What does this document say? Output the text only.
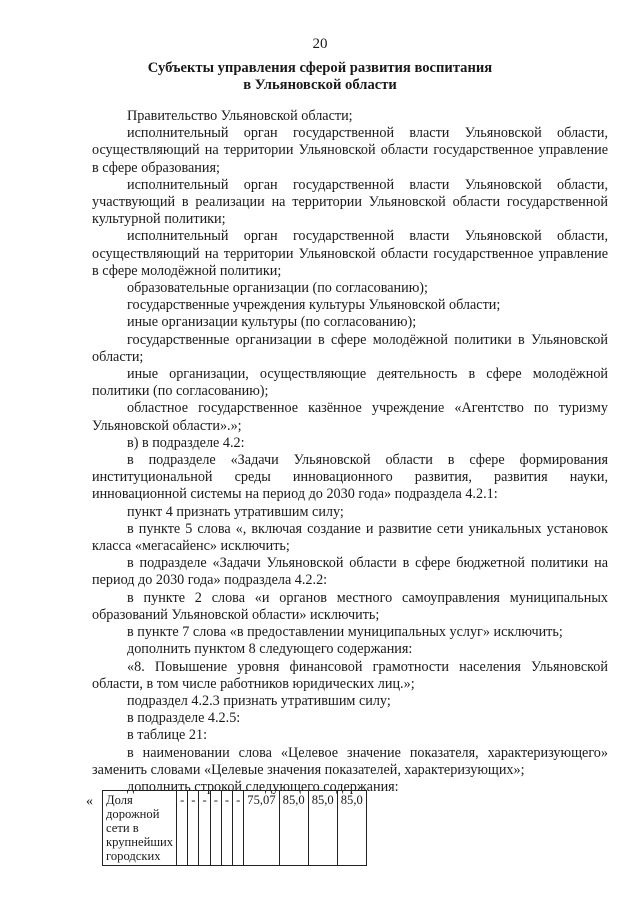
20
Субъекты управления сферой развития воспитания
в Ульяновской области

Правительство Ульяновской области;

исполнительный орган государственной власти Ульяновской области, осуществляющий на территории Ульяновской области государственное управление в сфере образования;

исполнительный орган государственной власти Ульяновской области, участвующий в реализации на территории Ульяновской области государственной культурной политики;

исполнительный орган государственной власти Ульяновской области, осуществляющий на территории Ульяновской области государственное управление в сфере молодёжной политики;

образовательные организации (по согласованию);

государственные учреждения культуры Ульяновской области;

иные организации культуры (по согласованию);

государственные организации в сфере молодёжной политики в Ульяновской области;

иные организации, осуществляющие деятельность в сфере молодёжной политики (по согласованию);

областное государственное казённое учреждение «Агентство по туризму Ульяновской области».»;

в) в подразделе 4.2:

в подразделе «Задачи Ульяновской области в сфере формирования институциональной среды инновационного развития, развития науки, инновационной системы на период до 2030 года» подраздела 4.2.1:

пункт 4 признать утратившим силу;

в пункте 5 слова «, включая создание и развитие сети уникальных установок класса «мегасайенс» исключить;

в подразделе «Задачи Ульяновской области в сфере бюджетной политики на период до 2030 года» подраздела 4.2.2:

в пункте 2 слова «и органов местного самоуправления муниципальных образований Ульяновской области» исключить;

в пункте 7 слова «в предоставлении муниципальных услуг» исключить;

дополнить пунктом 8 следующего содержания:

«8. Повышение уровня финансовой грамотности населения Ульяновской области, в том числе работников юридических лиц.»;

подраздел 4.2.3 признать утратившим силу;

в подразделе 4.2.5:

в таблице 21:

в наименовании слова «Целевое значение показателя, характеризующего» заменить словами «Целевые значения показателей, характеризующих»;

дополнить строкой следующего содержания:

« Доля дорожной сети в крупнейших городских	-	-	-	-	-	-	75,07	85,0	85,0	85,0
